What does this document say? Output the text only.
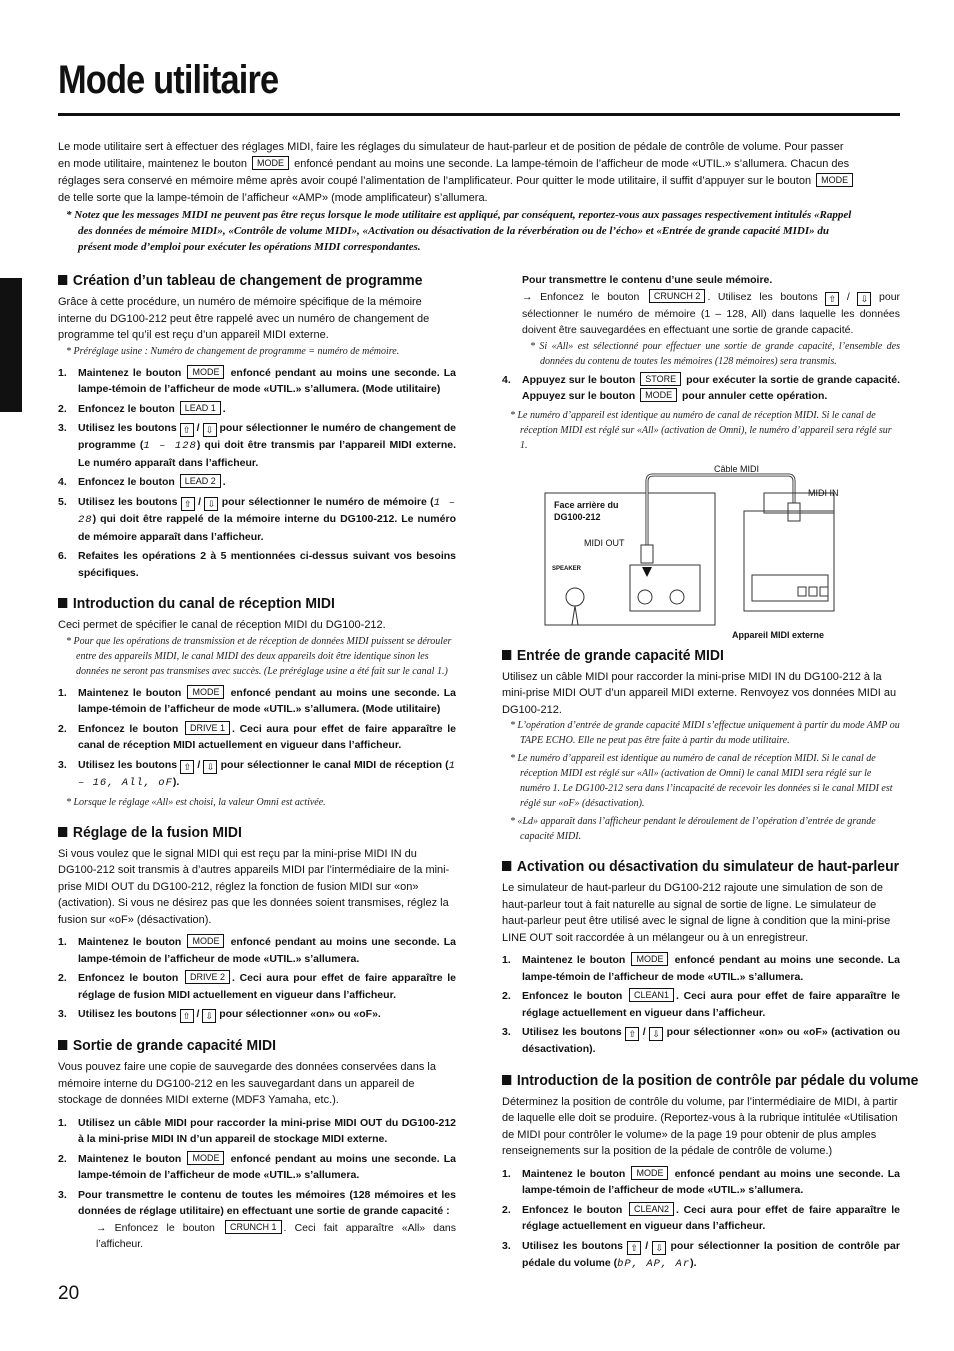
Mode utilitaire

Le mode utilitaire sert à effectuer des réglages MIDI, faire les réglages du simulateur de haut-parleur et de position de pédale de contrôle de volume. Pour passer en mode utilitaire, maintenez le bouton MODE enfoncé pendant au moins une seconde. La lampe-témoin de l’afficheur de mode «UTIL.» s’allumera. Chacun des réglages sera conservé en mémoire même après avoir coupé l’alimentation de l’amplificateur. Pour quitter le mode utilitaire, il suffit d’appuyer sur le bouton MODE de telle sorte que la lampe-témoin de l’afficheur «AMP» (mode amplificateur) s’allumera.

* Notez que les messages MIDI ne peuvent pas être reçus lorsque le mode utilitaire est appliqué, par conséquent, reportez-vous aux passages respectivement intitulés «Rappel des données de mémoire MIDI», «Contrôle de volume MIDI», «Activation ou désactivation de la réverbération ou de l’écho» et «Entrée de grande capacité MIDI» du présent mode d’emploi pour exécuter les opérations MIDI correspondantes.

Création d’un tableau de changement de programme

Grâce à cette procédure, un numéro de mémoire spécifique de la mémoire interne du DG100-212 peut être rappelé avec un numéro de changement de programme tel qu’il est reçu d’un appareil MIDI externe.

* Préréglage usine : Numéro de changement de programme = numéro de mémoire.

1. Maintenez le bouton MODE enfoncé pendant au moins une seconde. La lampe-témoin de l’afficheur de mode «UTIL.» s’allumera. (Mode utilitaire)
2. Enfoncez le bouton LEAD 1 .
3. Utilisez les boutons ⇧ / ⇩ pour sélectionner le numéro de changement de programme (1 – 128) qui doit être transmis par l’appareil MIDI externe. Le numéro apparaît dans l’afficheur.
4. Enfoncez le bouton LEAD 2 .
5. Utilisez les boutons ⇧ / ⇩ pour sélectionner le numéro de mémoire (1 – 28) qui doit être rappelé de la mémoire interne du DG100-212. Le numéro de mémoire apparaît dans l’afficheur.
6. Refaites les opérations 2 à 5 mentionnées ci-dessus suivant vos besoins spécifiques.
Introduction du canal de réception MIDI

Ceci permet de spécifier le canal de réception MIDI du DG100-212.

* Pour que les opérations de transmission et de réception de données MIDI puissent se dérouler entre des appareils MIDI, le canal MIDI des deux appareils doit être identique sinon les données ne seront pas transmises avec succès. (Le préréglage usine a été fait sur le canal 1.)

1. Maintenez le bouton MODE enfoncé pendant au moins une seconde. La lampe-témoin de l’afficheur de mode «UTIL.» s’allumera. (Mode utilitaire)
2. Enfoncez le bouton DRIVE 1 . Ceci aura pour effet de faire apparaître le canal de réception MIDI actuellement en vigueur dans l’afficheur.
3. Utilisez les boutons ⇧ / ⇩ pour sélectionner le canal MIDI de réception (1 – 16, All, oF).

* Lorsque le réglage «All» est choisi, la valeur Omni est activée.

Réglage de la fusion MIDI

Si vous voulez que le signal MIDI qui est reçu par la mini-prise MIDI IN du DG100-212 soit transmis à d’autres appareils MIDI par l’intermédiaire de la mini-prise MIDI OUT du DG100-212, réglez la fonction de fusion MIDI sur «on» (activation). Si vous ne désirez pas que les données soient transmises, réglez la fusion sur «oF» (désactivation).

1. Maintenez le bouton MODE enfoncé pendant au moins une seconde. La lampe-témoin de l’afficheur de mode «UTIL.» s’allumera.
2. Enfoncez le bouton DRIVE 2 . Ceci aura pour effet de faire apparaître le réglage de fusion MIDI actuellement en vigueur dans l’afficheur.
3. Utilisez les boutons ⇧ / ⇩ pour sélectionner «on» ou «oF».
Sortie de grande capacité MIDI

Vous pouvez faire une copie de sauvegarde des données conservées dans la mémoire interne du DG100-212 en les sauvegardant dans un appareil de stockage de données MIDI externe (MDF3 Yamaha, etc.).

1. Utilisez un câble MIDI pour raccorder la mini-prise MIDI OUT du DG100-212 à la mini-prise MIDI IN d’un appareil de stockage MIDI externe.
2. Maintenez le bouton MODE enfoncé pendant au moins une seconde. La lampe-témoin de l’afficheur de mode «UTIL.» s’allumera.
3. Pour transmettre le contenu de toutes les mémoires (128 mémoires et les données de réglage utilitaire) en effectuant une sortie de grande capacité :
→ Enfoncez le bouton CRUNCH 1 . Ceci fait apparaître «All» dans l’afficheur.
20
Pour transmettre le contenu d’une seule mémoire.
→ Enfoncez le bouton CRUNCH 2 . Utilisez les boutons ⇧ / ⇩ pour sélectionner le numéro de mémoire (1 – 128, All) dans laquelle les données doivent être sauvegardées en effectuant une sortie de grande capacité.

* Si «All» est sélectionné pour effectuer une sortie de grande capacité, l’ensemble des données du contenu de toutes les mémoires (128 mémoires) sera transmis.

4. Appuyez sur le bouton STORE pour exécuter la sortie de grande capacité. Appuyez sur le bouton MODE pour annuler cette opération.

* Le numéro d’appareil est identique au numéro de canal de réception MIDI. Si le canal de réception MIDI est réglé sur «All» (activation de Omni), le numéro d’appareil sera réglé sur 1.

Câble MIDI
Face arrière du DG100-212
MIDI IN
MIDI OUT
SPEAKER
Appareil MIDI externe
Entrée de grande capacité MIDI

Utilisez un câble MIDI pour raccorder la mini-prise MIDI IN du DG100-212 à la mini-prise MIDI OUT d’un appareil MIDI externe. Renvoyez vos données MIDI au DG100-212.

* L’opération d’entrée de grande capacité MIDI s’effectue uniquement à partir du mode AMP ou TAPE ECHO. Elle ne peut pas être faite à partir du mode utilitaire.

* Le numéro d’appareil est identique au numéro de canal de réception MIDI. Si le canal de réception MIDI est réglé sur «All» (activation de Omni) le canal MIDI sera réglé sur le numéro 1. Le DG100-212 sera dans l’incapacité de recevoir les données si le canal MIDI est réglé sur «oF» (désactivation).

* «Ld» apparaît dans l’afficheur pendant le déroulement de l’opération d’entrée de grande capacité MIDI.

Activation ou désactivation du simulateur de haut-parleur

Le simulateur de haut-parleur du DG100-212 rajoute une simulation de son de haut-parleur tout à fait naturelle au signal de sortie de ligne. Le simulateur de haut-parleur peut être utilisé avec le signal de ligne à condition que la mini-prise LINE OUT soit raccordée à un mélangeur ou à un enregistreur.

1. Maintenez le bouton MODE enfoncé pendant au moins une seconde. La lampe-témoin de l’afficheur de mode «UTIL.» s’allumera.
2. Enfoncez le bouton CLEAN1 . Ceci aura pour effet de faire apparaître le réglage actuellement en vigueur dans l’afficheur.
3. Utilisez les boutons ⇧ / ⇩ pour sélectionner «on» ou «oF» (activation ou désactivation).
Introduction de la position de contrôle par pédale du volume

Déterminez la position de contrôle du volume, par l’intermédiaire de MIDI, à partir de laquelle elle doit se produire. (Reportez-vous à la rubrique intitulée «Utilisation de MIDI pour contrôler le volume» de la page 19 pour obtenir de plus amples renseignements sur la position de la pédale de contrôle de volume.)

1. Maintenez le bouton MODE enfoncé pendant au moins une seconde. La lampe-témoin de l’afficheur de mode «UTIL.» s’allumera.
2. Enfoncez le bouton CLEAN2 . Ceci aura pour effet de faire apparaître le réglage actuellement en vigueur dans l’afficheur.
3. Utilisez les boutons ⇧ / ⇩ pour sélectionner la position de contrôle par pédale du volume (bP, AP, Ar).
